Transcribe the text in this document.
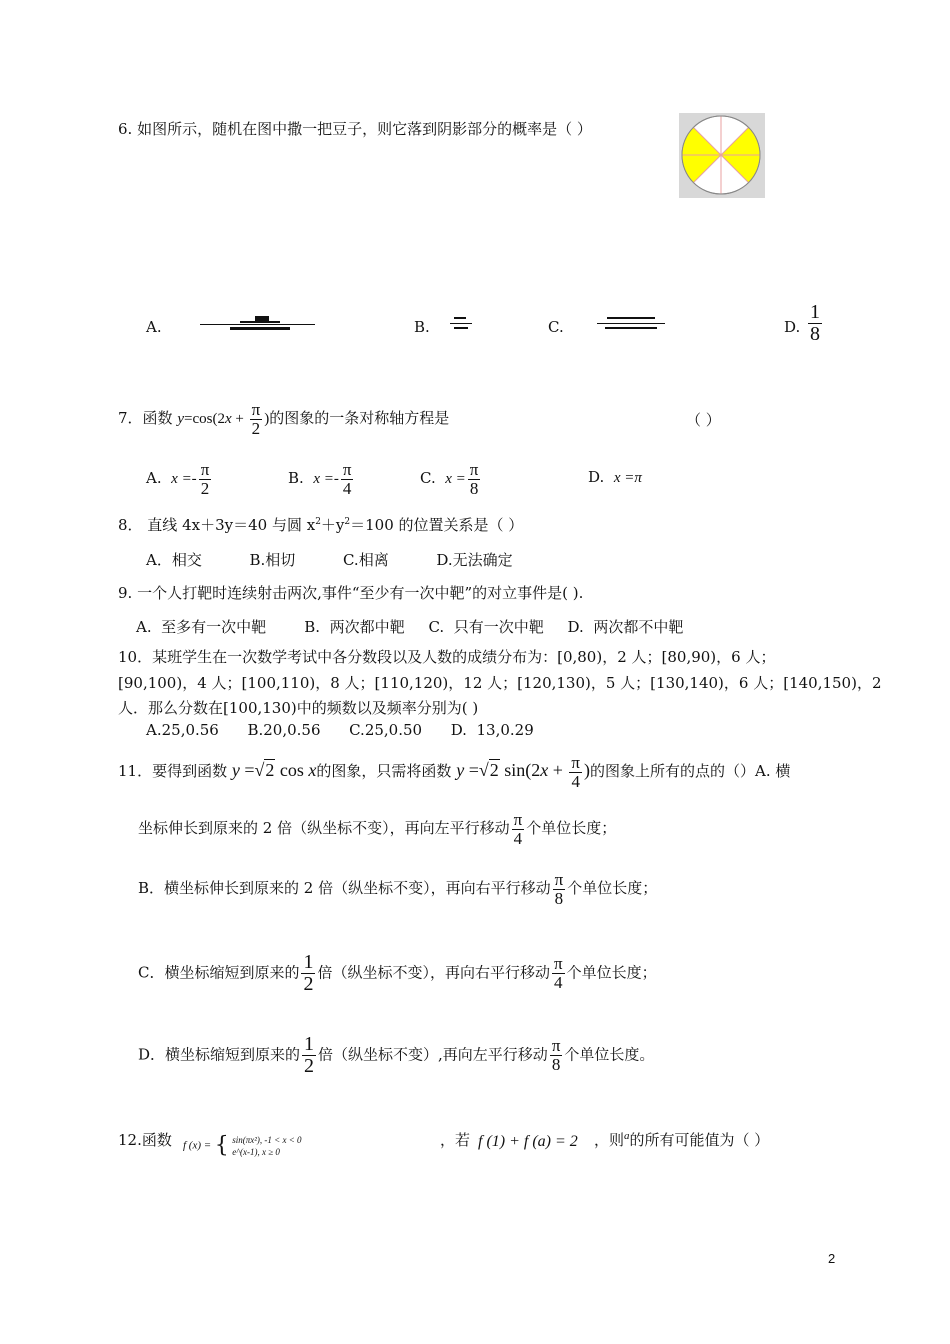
6. 如图所示，随机在图中撒一把豆子，则它落到阴影部分的概率是（ ）
A.	B.	C.	D. $\frac{1}{8}$
7．函数 $y=\cos(2x + \frac{\pi}{2}$ )的图象的一条对称轴方程是	（ ）
A. $x =- \frac{\pi}{2}$	B. $x =- \frac{\pi}{4}$	C. $x = \frac{\pi}{8}$	D. x =π
8． 直线 4x＋3y＝40 与圆 $x^2+y^2=100$ 的位置关系是（ ）
A．相交          B.相切          C.相离          D.无法确定
9. 一个人打靶时连续射击两次,事件“至少有一次中靶”的对立事件是( ).
A.  至多有一次中靶        B.  两次都中靶     C.  只有一次中靶     D.  两次都不中靶
10．某班学生在一次数学考试中各分数段以及人数的成绩分布为：[0,80)，2 人；[80,90)，6 人；
[90,100)，4 人；[100,110)，8 人；[110,120)，12 人；[120,130)，5 人；[130,140)，6 人；[140,150)，2
人．那么分数在[100,130)中的频数以及频率分别为( )
A.25,0.56      B.20,0.56      C.25,0.50      D.  13,0.29
11．要得到函数 y =√2 cos x的图象，只需将函数 y =√2 $\sin(2x + \frac{\pi}{4}$ )的图象上所有的点的（）A. 横
坐标伸长到原来的 2 倍（纵坐标不变），再向左平行移动 $\frac{\pi}{4}$ 个单位长度；
B．横坐标伸长到原来的 2 倍（纵坐标不变），再向右平行移动 $\frac{\pi}{8}$ 个单位长度；
C．横坐标缩短到原来的 $\frac{1}{2}$ 倍（纵坐标不变），再向右平行移动 $\frac{\pi}{4}$ 个单位长度；
D．横坐标缩短到原来的 $\frac{1}{2}$ 倍（纵坐标不变）,再向左平行移动 $\frac{\pi}{8}$ 个单位长度。
12.函数 f (x) = { sin(πx²), -1 < x < 0
e^(x-1), x ≥ 0
，若 f (1) + f (a) = 2 ，则$^a$的所有可能值为（ ）
2
